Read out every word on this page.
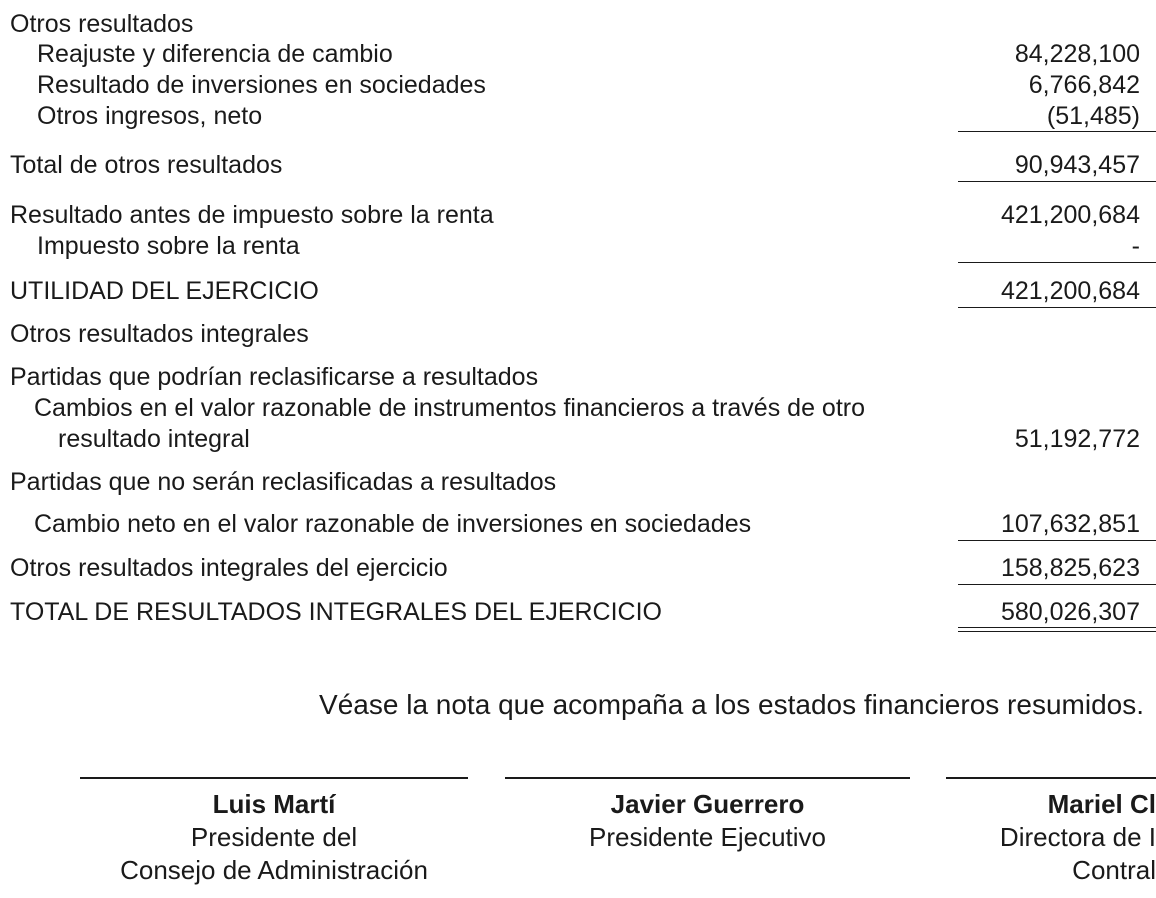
Otros resultados
Reajuste y diferencia de cambio	84,228,100
Resultado de inversiones en sociedades	6,766,842
Otros ingresos, neto	(51,485)
Total de otros resultados	90,943,457
Resultado antes de impuesto sobre la renta	421,200,684
Impuesto sobre la renta	-
UTILIDAD DEL EJERCICIO	421,200,684
Otros resultados integrales
Partidas que podrían reclasificarse a resultados
Cambios en el valor razonable de instrumentos financieros a través de otro
resultado integral	51,192,772
Partidas que no serán reclasificadas a resultados
Cambio neto en el valor razonable de inversiones en sociedades	107,632,851
Otros resultados integrales del ejercicio	158,825,623
TOTAL DE RESULTADOS INTEGRALES DEL EJERCICIO	580,026,307
Véase la nota que acompaña a los estados financieros resumidos.
Luis Martí
Presidente del
Consejo de Administración
Javier Guerrero
Presidente Ejecutivo
Mariel Cl
Directora de I
Contral
